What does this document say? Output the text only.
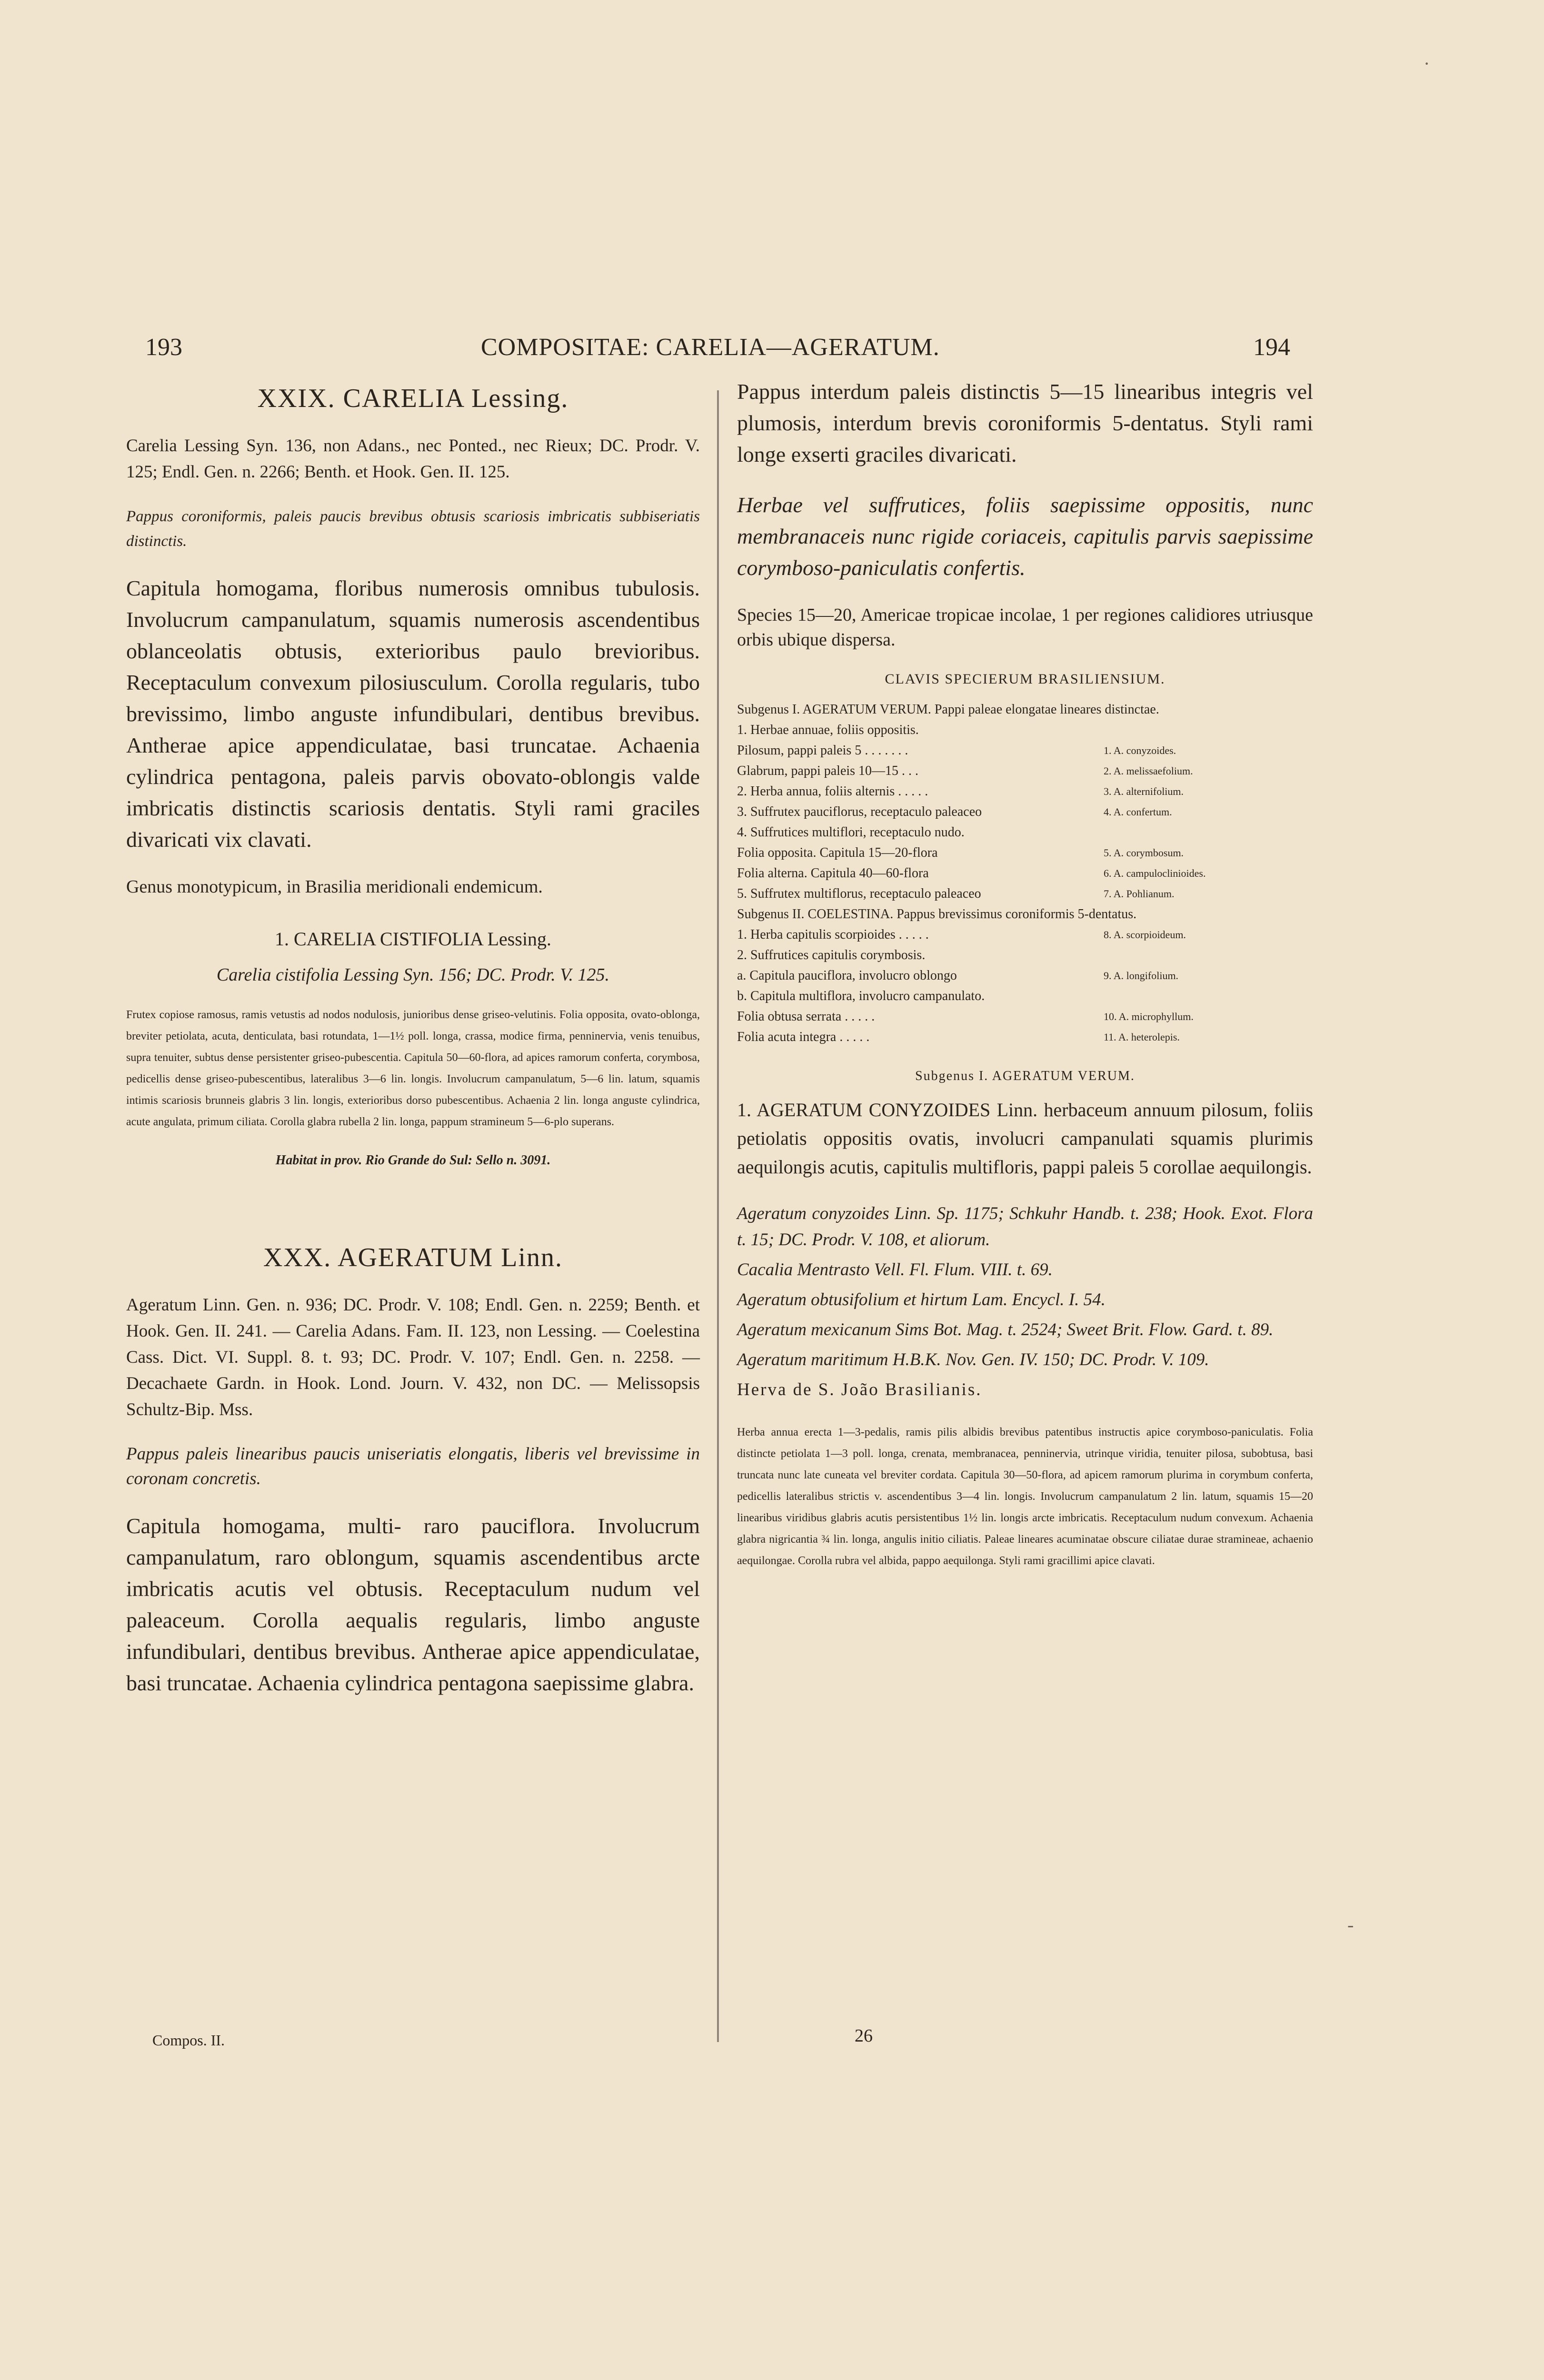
193	COMPOSITAE: CARELIA—AGERATUM.	194
XXIX. CARELIA Lessing.

Carelia Lessing Syn. 136, non Adans., nec Ponted., nec Rieux; DC. Prodr. V. 125; Endl. Gen. n. 2266; Benth. et Hook. Gen. II. 125.

Pappus coroniformis, paleis paucis brevibus obtusis scariosis imbricatis subbiseriatis distinctis.

Capitula homogama, floribus numerosis omnibus tubulosis. Involucrum campanulatum, squamis numerosis ascendentibus oblanceolatis obtusis, exterioribus paulo brevioribus. Receptaculum convexum pilosiusculum. Corolla regularis, tubo brevissimo, limbo anguste infundibulari, dentibus brevibus. Antherae apice appendiculatae, basi truncatae. Achaenia cylindrica pentagona, paleis parvis obovato-oblongis valde imbricatis distinctis scariosis dentatis. Styli rami graciles divaricati vix clavati.

Genus monotypicum, in Brasilia meridionali endemicum.

1. CARELIA CISTIFOLIA Lessing.

Carelia cistifolia Lessing Syn. 156; DC. Prodr. V. 125.

Frutex copiose ramosus, ramis vetustis ad nodos nodulosis, junioribus dense griseo-velutinis. Folia opposita, ovato-oblonga, breviter petiolata, acuta, denticulata, basi rotundata, 1—1½ poll. longa, crassa, modice firma, penninervia, venis tenuibus, supra tenuiter, subtus dense persistenter griseo-pubescentia. Capitula 50—60-flora, ad apices ramorum conferta, corymbosa, pedicellis dense griseo-pubescentibus, lateralibus 3—6 lin. longis. Involucrum campanulatum, 5—6 lin. latum, squamis intimis scariosis brunneis glabris 3 lin. longis, exterioribus dorso pubescentibus. Achaenia 2 lin. longa anguste cylindrica, acute angulata, primum ciliata. Corolla glabra rubella 2 lin. longa, pappum stramineum 5—6-plo superans.

Habitat in prov. Rio Grande do Sul: Sello n. 3091.

XXX. AGERATUM Linn.

Ageratum Linn. Gen. n. 936; DC. Prodr. V. 108; Endl. Gen. n. 2259; Benth. et Hook. Gen. II. 241. — Carelia Adans. Fam. II. 123, non Lessing. — Coelestina Cass. Dict. VI. Suppl. 8. t. 93; DC. Prodr. V. 107; Endl. Gen. n. 2258. — Decachaete Gardn. in Hook. Lond. Journ. V. 432, non DC. — Melissopsis Schultz-Bip. Mss.

Pappus paleis linearibus paucis uniseriatis elongatis, liberis vel brevissime in coronam concretis.

Capitula homogama, multi- raro pauciflora. Involucrum campanulatum, raro oblongum, squamis ascendentibus arcte imbricatis acutis vel obtusis. Receptaculum nudum vel paleaceum. Corolla aequalis regularis, limbo anguste infundibulari, dentibus brevibus. Antherae apice appendiculatae, basi truncatae. Achaenia cylindrica pentagona saepissime glabra.

Pappus interdum paleis distinctis 5—15 linearibus integris vel plumosis, interdum brevis coroniformis 5-dentatus. Styli rami longe exserti graciles divaricati.

Herbae vel suffrutices, foliis saepissime oppositis, nunc membranaceis nunc rigide coriaceis, capitulis parvis saepissime corymboso-paniculatis confertis.

Species 15—20, Americae tropicae incolae, 1 per regiones calidiores utriusque orbis ubique dispersa.

CLAVIS SPECIERUM BRASILIENSIUM.
Subgenus I. AGERATUM VERUM. Pappi paleae elongatae lineares distinctae.
1. Herbae annuae, foliis oppositis.
Pilosum, pappi paleis 5 . . . . . . .	1. A. conyzoides.
Glabrum, pappi paleis 10—15 . . .	2. A. melissaefolium.
2. Herba annua, foliis alternis . . . . .	3. A. alternifolium.
3. Suffrutex pauciflorus, receptaculo paleaceo	4. A. confertum.
4. Suffrutices multiflori, receptaculo nudo.
Folia opposita. Capitula 15—20-flora	5. A. corymbosum.
Folia alterna. Capitula 40—60-flora	6. A. campuloclinioides.
5. Suffrutex multiflorus, receptaculo paleaceo	7. A. Pohlianum.
Subgenus II. COELESTINA. Pappus brevissimus coroniformis 5-dentatus.
1. Herba capitulis scorpioides . . . . .	8. A. scorpioideum.
2. Suffrutices capitulis corymbosis.
a. Capitula pauciflora, involucro oblongo	9. A. longifolium.
b. Capitula multiflora, involucro campanulato.
Folia obtusa serrata . . . . .	10. A. microphyllum.
Folia acuta integra . . . . .	11. A. heterolepis.
Subgenus I. AGERATUM VERUM.

1. AGERATUM CONYZOIDES Linn. herbaceum annuum pilosum, foliis petiolatis oppositis ovatis, involucri campanulati squamis plurimis aequilongis acutis, capitulis multifloris, pappi paleis 5 corollae aequilongis.

Ageratum conyzoides Linn. Sp. 1175; Schkuhr Handb. t. 238; Hook. Exot. Flora t. 15; DC. Prodr. V. 108, et aliorum.

Cacalia Mentrasto Vell. Fl. Flum. VIII. t. 69.

Ageratum obtusifolium et hirtum Lam. Encycl. I. 54.

Ageratum mexicanum Sims Bot. Mag. t. 2524; Sweet Brit. Flow. Gard. t. 89.

Ageratum maritimum H.B.K. Nov. Gen. IV. 150; DC. Prodr. V. 109.

Herva de S. João Brasilianis.

Herba annua erecta 1—3-pedalis, ramis pilis albidis brevibus patentibus instructis apice corymboso-paniculatis. Folia distincte petiolata 1—3 poll. longa, crenata, membranacea, penninervia, utrinque viridia, tenuiter pilosa, subobtusa, basi truncata nunc late cuneata vel breviter cordata. Capitula 30—50-flora, ad apicem ramorum plurima in corymbum conferta, pedicellis lateralibus strictis v. ascendentibus 3—4 lin. longis. Involucrum campanulatum 2 lin. latum, squamis 15—20 linearibus viridibus glabris acutis persistentibus 1½ lin. longis arcte imbricatis. Receptaculum nudum convexum. Achaenia glabra nigricantia ¾ lin. longa, angulis initio ciliatis. Paleae lineares acuminatae obscure ciliatae durae stramineae, achaenio aequilongae. Corolla rubra vel albida, pappo aequilonga. Styli rami gracillimi apice clavati.

Compos. II.	26
·
-
